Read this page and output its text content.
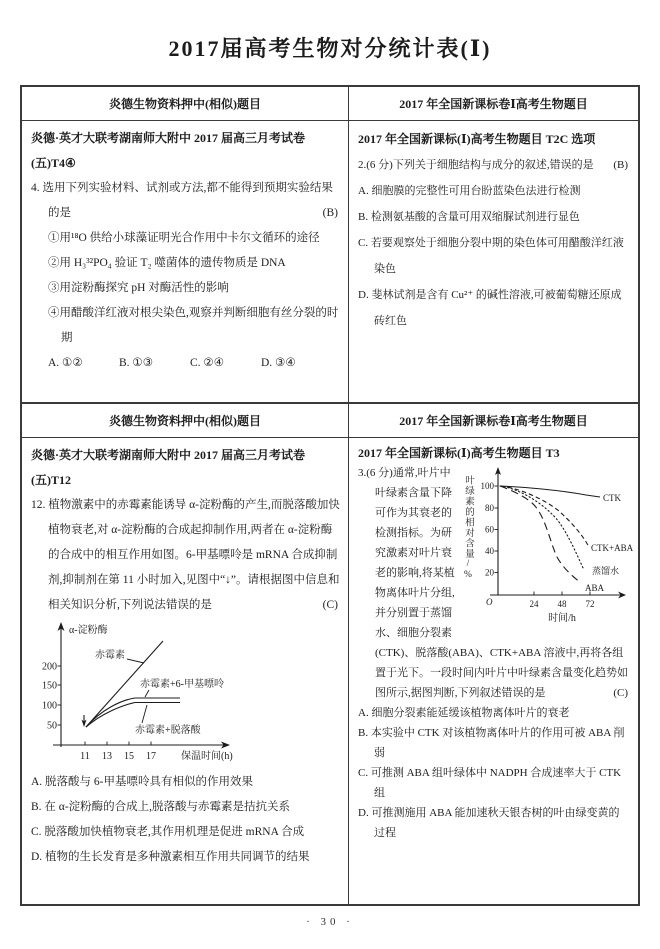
2017届高考生物对分统计表(Ⅰ)
炎德生物资料押中(相似)题目	2017 年全国新课标卷Ⅰ高考生物题目

炎德·英才大联考湖南师大附中 2017 届高三月考试卷(五)T4④

4. 选用下列实验材料、试剂或方法,都不能得到预期实验结果的是	(B)

①用¹⁸O 供给小球藻证明光合作用中卡尔文循环的途径

②用 H₃³²PO₄ 验证 T₂ 噬菌体的遗传物质是 DNA

③用淀粉酶探究 pH 对酶活性的影响

④用醋酸洋红液对根尖染色,观察并判断细胞有丝分裂的时期

A. ①②	B. ①③	C. ②④	D. ③④

2017 年全国新课标(Ⅰ)高考生物题目 T2C 选项

2.(6 分)下列关于细胞结构与成分的叙述,错误的是 (B)

A. 细胞膜的完整性可用台盼蓝染色法进行检测

B. 检测氨基酸的含量可用双缩脲试剂进行显色

C. 若要观察处于细胞分裂中期的染色体可用醋酸洋红液染色

D. 斐林试剂是含有 Cu²⁺ 的碱性溶液,可被葡萄糖还原成砖红色

炎德生物资料押中(相似)题目	2017 年全国新课标卷Ⅰ高考生物题目

炎德·英才大联考湖南师大附中 2017 届高三月考试卷(五)T12

12. 植物激素中的赤霉素能诱导 α-淀粉酶的产生,而脱落酸加快植物衰老,对 α-淀粉酶的合成起抑制作用,两者在 α-淀粉酶的合成中的相互作用如图。6-甲基嘌呤是 mRNA 合成抑制剂,抑制剂在第 11 小时加入,见图中“↓”。请根据图中信息和相关知识分析,下列说法错误的是	(C)

α-淀粉酶
200
150
100
50
11 13 15 17	保温时间(h)
赤霉素
赤霉素+6-甲基嘌呤
赤霉素+脱落酸

A. 脱落酸与 6-甲基嘌呤具有相似的作用效果

B. 在 α-淀粉酶的合成上,脱落酸与赤霉素是拮抗关系

C. 脱落酸加快植物衰老,其作用机理是促进 mRNA 合成

D. 植物的生长发育是多种激素相互作用共同调节的结果

2017 年全国新课标(Ⅰ)高考生物题目 T3

叶绿素的相对含量/% 100
80
60
40
20
O	24 48 72
时间/h
CTK
CTK+ABA
蒸馏水
ABA

3.(6 分)通常,叶片中叶绿素含量下降可作为其衰老的检测指标。为研究激素对叶片衰老的影响,将某植物离体叶片分组,并分别置于蒸馏水、细胞分裂素(CTK)、脱落酸(ABA)、CTK+ABA 溶液中,再将各组置于光下。一段时间内叶片中叶绿素含量变化趋势如图所示,据图判断,下列叙述错误的是	(C)

A. 细胞分裂素能延缓该植物离体叶片的衰老

B. 本实验中 CTK 对该植物离体叶片的作用可被 ABA 削弱

C. 可推测 ABA 组叶绿体中 NADPH 合成速率大于 CTK 组

D. 可推测施用 ABA 能加速秋天银杏树的叶由绿变黄的过程

· 30 ·
